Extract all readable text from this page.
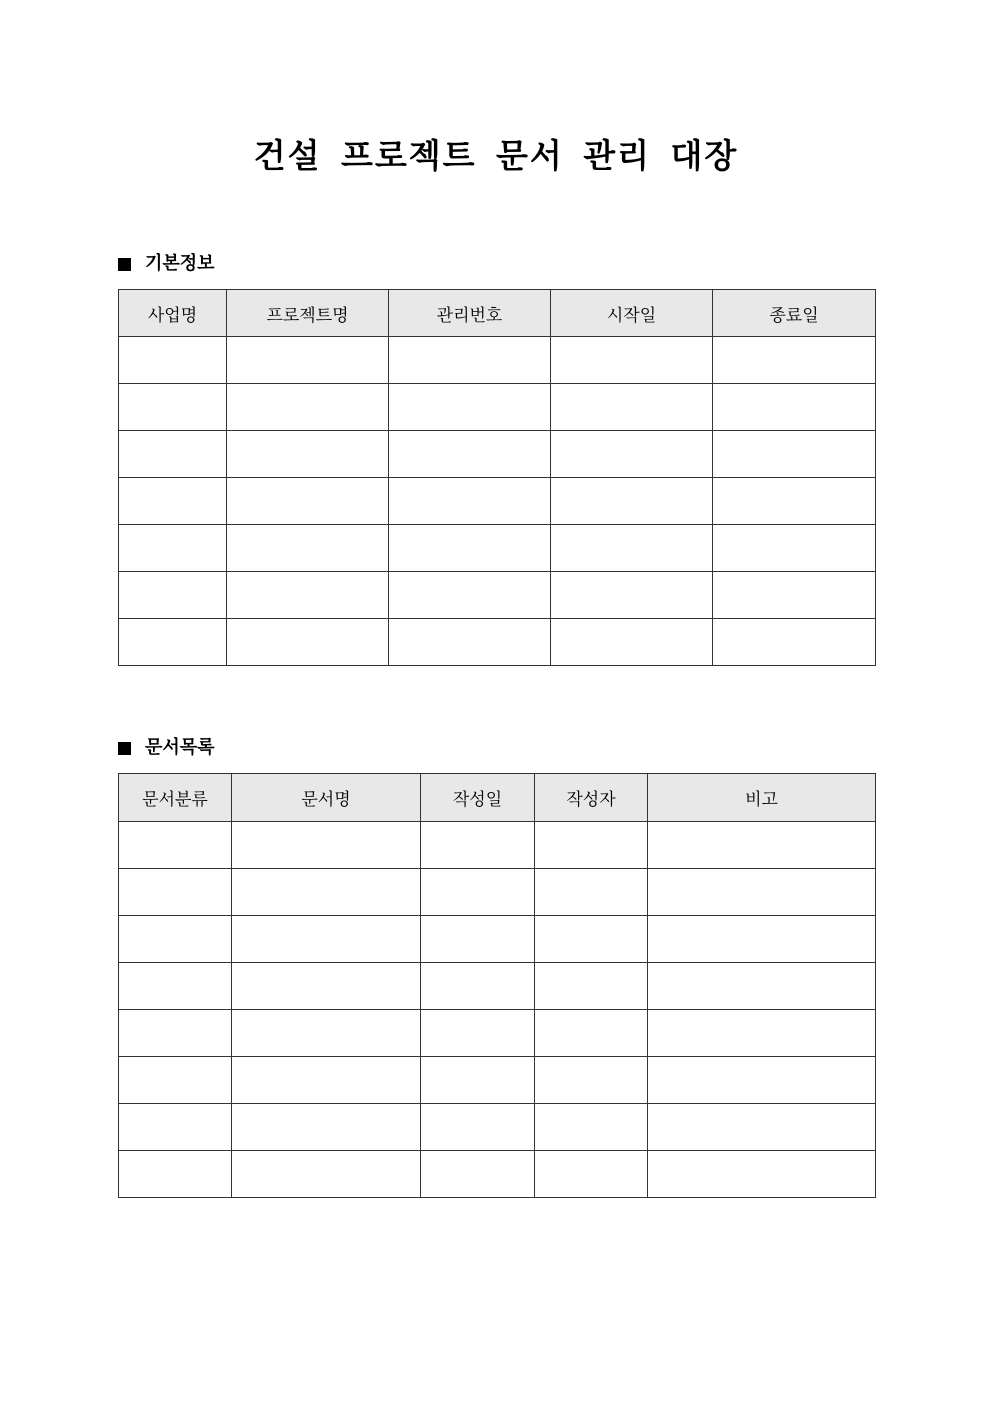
건설 프로젝트 문서 관리 대장
기본정보
사업명	프로젝트명	관리번호	시작일	종료일

문서목록
문서분류	문서명	작성일	작성자	비고
